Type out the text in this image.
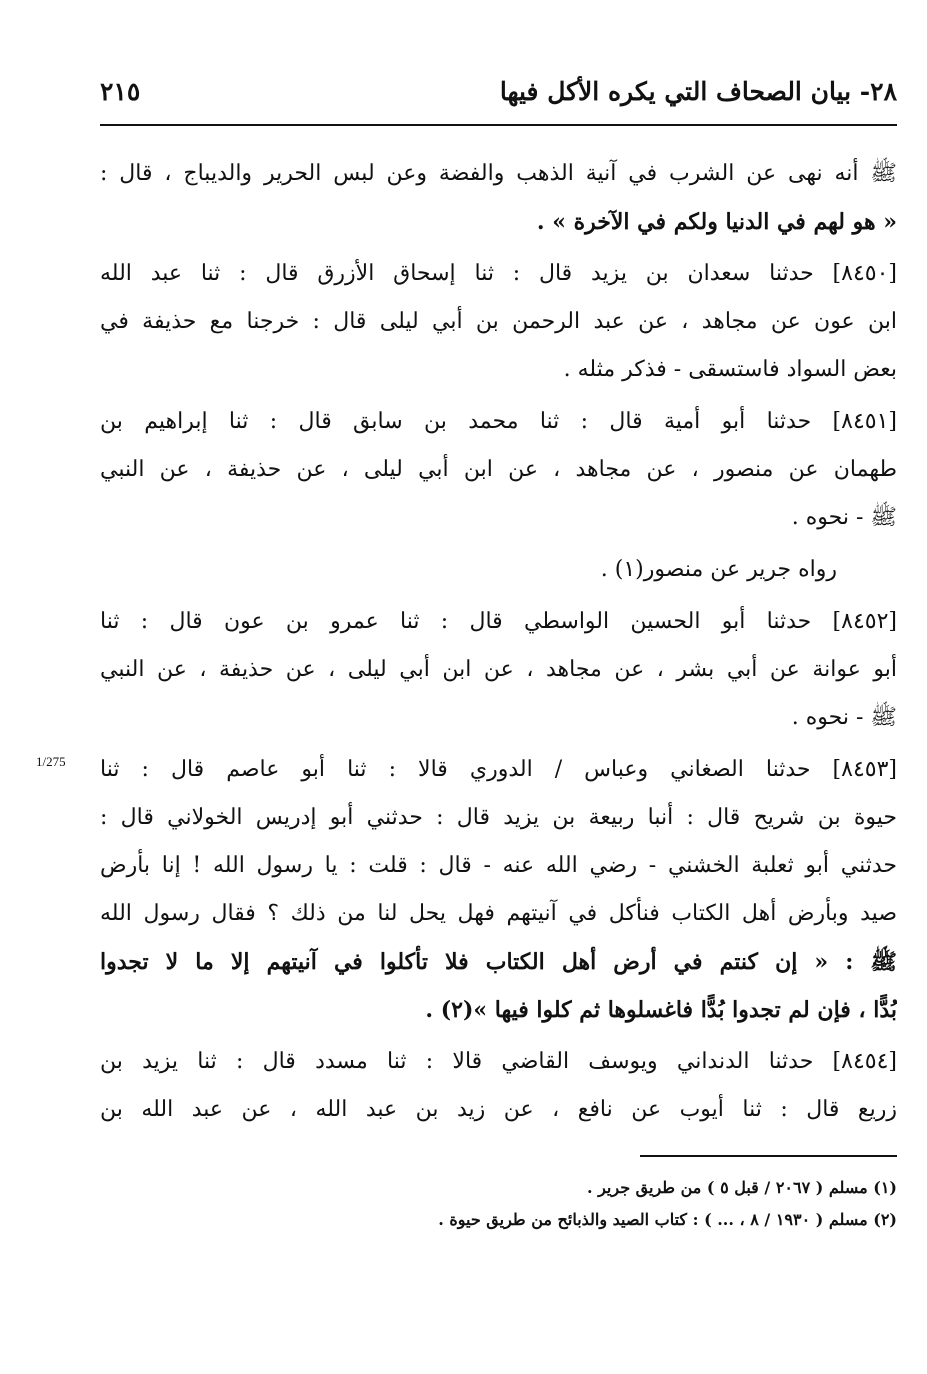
٢٨- بيان الصحاف التي يكره الأكل فيها
٢١٥
1/275
ﷺ أنه نهى عن الشرب في آنية الذهب والفضة وعن لبس الحرير والديباج ، قال :
« هو لهم في الدنيا ولكم في الآخرة » .
[٨٤٥٠] حدثنا سعدان بن يزيد قال : ثنا إسحاق الأزرق قال : ثنا عبد الله
ابن عون عن مجاهد ، عن عبد الرحمن بن أبي ليلى قال : خرجنا مع حذيفة في
بعض السواد فاستسقى - فذكر مثله .
[٨٤٥١] حدثنا أبو أمية قال : ثنا محمد بن سابق قال : ثنا إبراهيم بن
طهمان عن منصور ، عن مجاهد ، عن ابن أبي ليلى ، عن حذيفة ، عن النبي
ﷺ - نحوه .
رواه جرير عن منصور(١) .
[٨٤٥٢] حدثنا أبو الحسين الواسطي قال : ثنا عمرو بن عون قال : ثنا
أبو عوانة عن أبي بشر ، عن مجاهد ، عن ابن أبي ليلى ، عن حذيفة ، عن النبي
ﷺ - نحوه .
[٨٤٥٣] حدثنا الصغاني وعباس / الدوري قالا : ثنا أبو عاصم قال : ثنا
حيوة بن شريح قال : أنبا ربيعة بن يزيد قال : حدثني أبو إدريس الخولاني قال :
حدثني أبو ثعلبة الخشني - رضي الله عنه - قال : قلت : يا رسول الله ! إنا بأرض
صيد وبأرض أهل الكتاب فنأكل في آنيتهم فهل يحل لنا من ذلك ؟ فقال رسول الله
ﷺ : « إن كنتم في أرض أهل الكتاب فلا تأكلوا في آنيتهم إلا ما لا تجدوا
بُدًّا ، فإن لم تجدوا بُدًّا فاغسلوها ثم كلوا فيها »(٢) .
[٨٤٥٤] حدثنا الدنداني ويوسف القاضي قالا : ثنا مسدد قال : ثنا يزيد بن
زريع قال : ثنا أيوب عن نافع ، عن زيد بن عبد الله ، عن عبد الله بن
(١) مسلم ( ٢٠٦٧ / قبل ٥ ) من طريق جرير .
(٢) مسلم ( ١٩٣٠ / ٨ ، ... ) : كتاب الصيد والذبائح من طريق حيوة .
